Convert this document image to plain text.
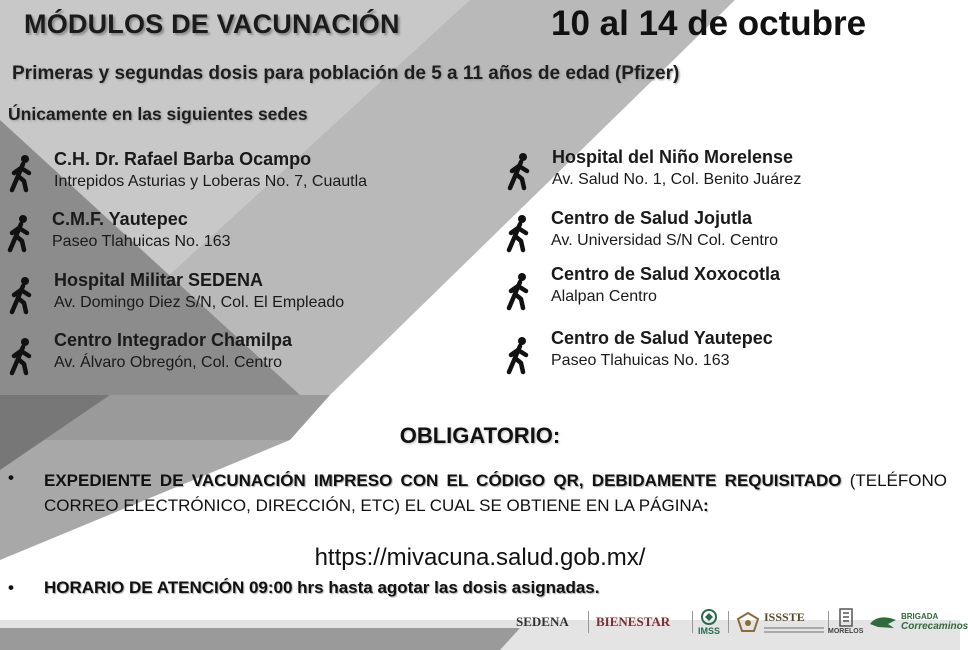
MÓDULOS DE VACUNACIÓN	10 al 14 de octubre
Primeras y segundas dosis para población de 5 a 11 años de edad (Pfizer)
Únicamente en las siguientes sedes
C.H. Dr. Rafael Barba Ocampo
Intrepidos Asturias y Loberas No. 7, Cuautla
C.M.F. Yautepec
Paseo Tlahuicas No. 163
Hospital Militar SEDENA
Av. Domingo Diez S/N, Col. El Empleado
Centro Integrador Chamilpa
Av. Álvaro Obregón, Col. Centro
Hospital del Niño Morelense
Av. Salud No. 1, Col. Benito Juárez
Centro de Salud Jojutla
Av. Universidad S/N Col. Centro
Centro de Salud Xoxocotla
Alalpan Centro
Centro de Salud Yautepec
Paseo Tlahuicas No. 163
OBLIGATORIO:
• EXPEDIENTE DE VACUNACIÓN IMPRESO CON EL CÓDIGO QR, DEBIDAMENTE REQUISITADO (TELÉFONO CORREO ELECTRÓNICO, DIRECCIÓN, ETC) EL CUAL SE OBTIENE EN LA PÁGINA:
https://mivacuna.salud.gob.mx/
• HORARIO DE ATENCIÓN 09:00 hrs hasta agotar las dosis asignadas.
SEDENA BIENESTAR
IMSS
ISSSTE
MORELOS
BRIGADA
Correcaminos
